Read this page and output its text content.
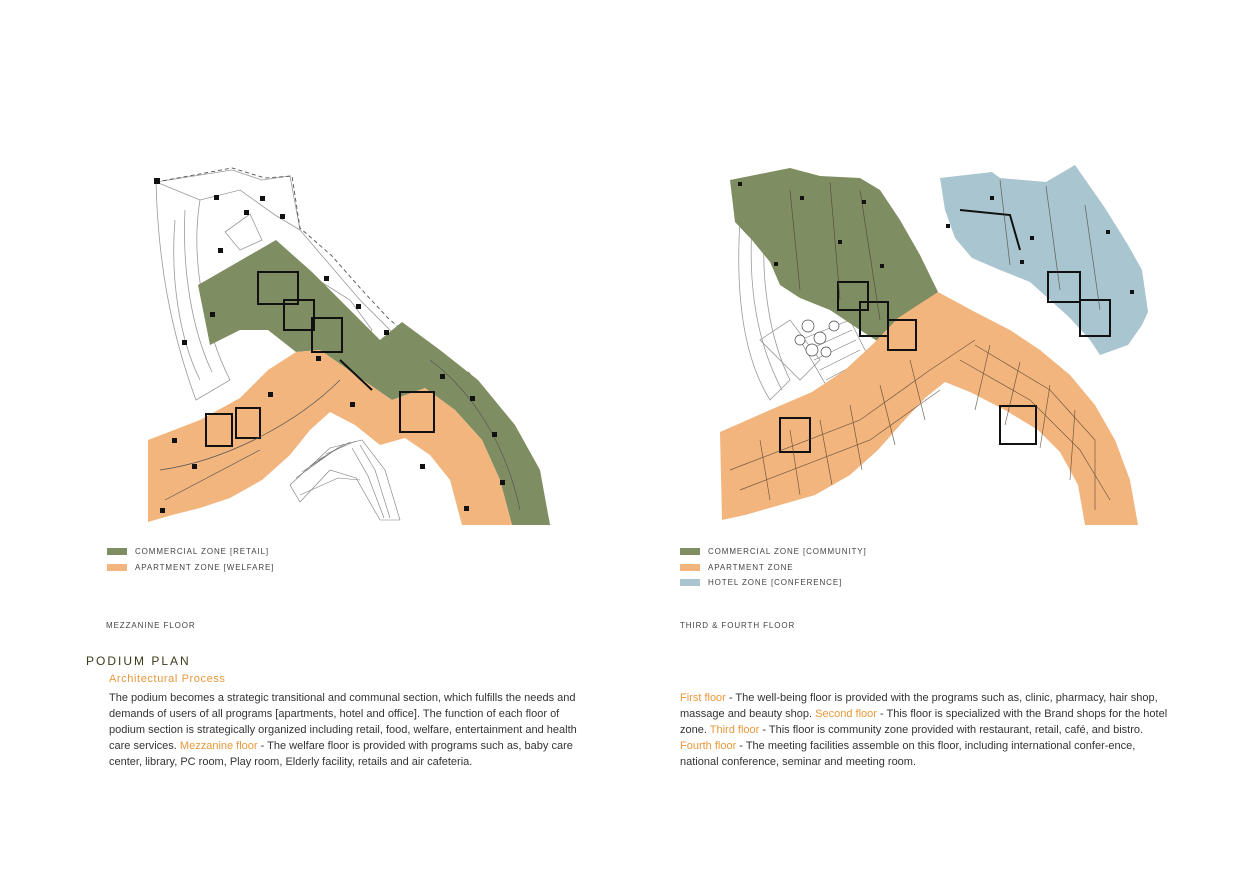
COMMERCIAL ZONE [RETAIL]
APARTMENT ZONE [WELFARE]
COMMERCIAL ZONE [COMMUNITY]
APARTMENT ZONE
HOTEL ZONE [CONFERENCE]
MEZZANINE FLOOR	THIRD & FOURTH FLOOR
PODIUM PLAN
Architectural Process

The podium becomes a strategic transitional and communal section, which fulfills the needs and demands of users of all programs [apartments, hotel and office]. The function of each floor of podium section is strategically organized including retail, food, welfare, entertainment and health care services. Mezzanine floor - The welfare floor is provided with programs such as, baby care center, library, PC room, Play room, Elderly facility, retails and air cafeteria.

First floor - The well-being floor is provided with the programs such as, clinic, pharmacy, hair shop, massage and beauty shop. Second floor - This floor is specialized with the Brand shops for the hotel zone. Third floor - This floor is community zone provided with restaurant, retail, café, and bistro. Fourth floor - The meeting facilities assemble on this floor, including international confer-ence, national conference, seminar and meeting room.
